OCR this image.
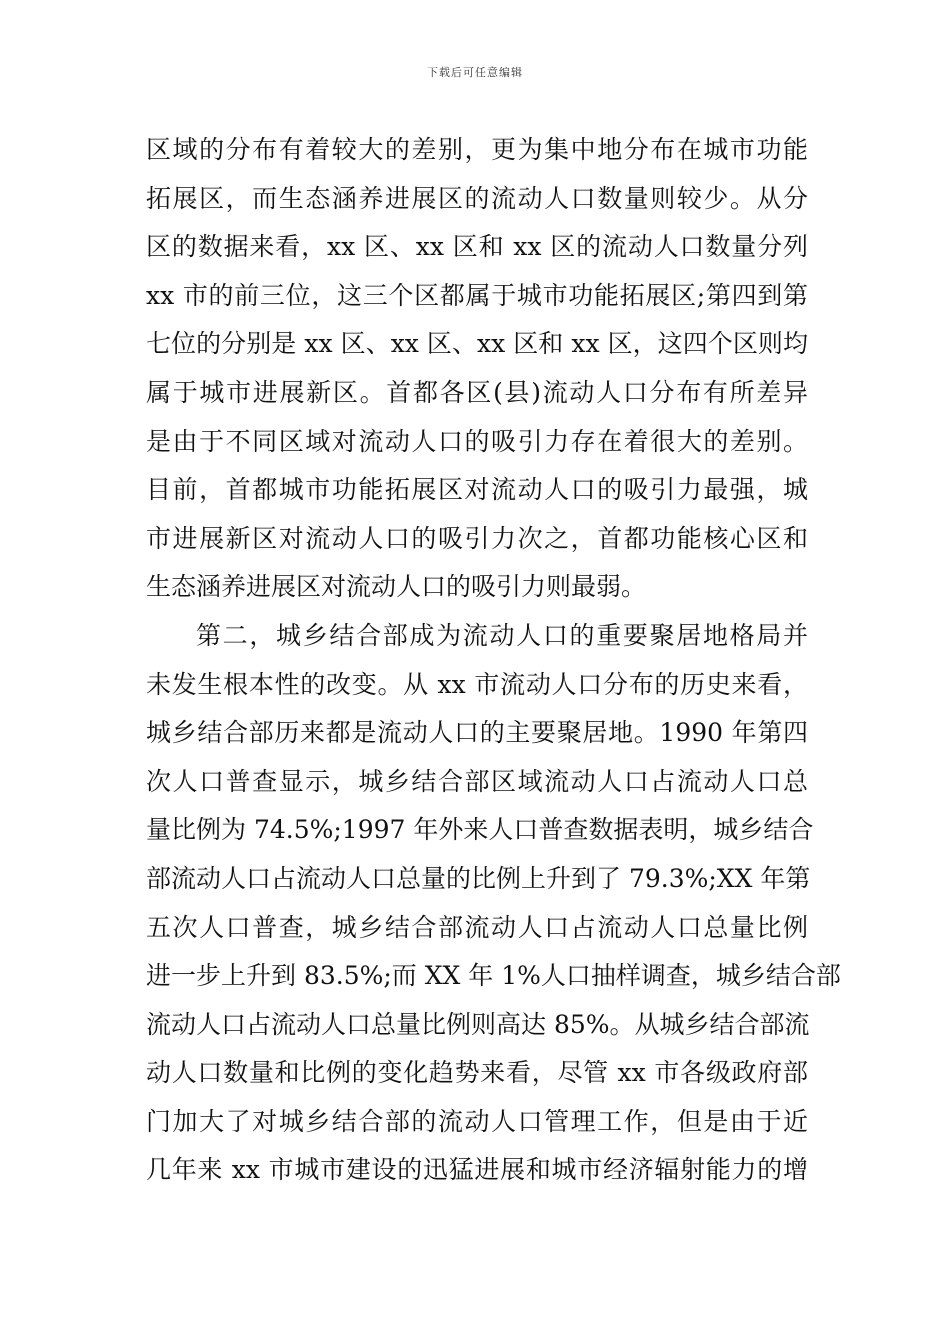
下载后可任意编辑
区域的分布有着较大的差别，更为集中地分布在城市功能
拓展区，而生态涵养进展区的流动人口数量则较少。从分
区的数据来看，xx 区、xx 区和 xx 区的流动人口数量分列
xx 市的前三位，这三个区都属于城市功能拓展区;第四到第
七位的分别是 xx 区、xx 区、xx 区和 xx 区，这四个区则均
属于城市进展新区。首都各区(县)流动人口分布有所差异
是由于不同区域对流动人口的吸引力存在着很大的差别。
目前，首都城市功能拓展区对流动人口的吸引力最强，城
市进展新区对流动人口的吸引力次之，首都功能核心区和
生态涵养进展区对流动人口的吸引力则最弱。
第二，城乡结合部成为流动人口的重要聚居地格局并
未发生根本性的改变。从 xx 市流动人口分布的历史来看，
城乡结合部历来都是流动人口的主要聚居地。1990 年第四
次人口普查显示，城乡结合部区域流动人口占流动人口总
量比例为 74.5%;1997 年外来人口普查数据表明，城乡结合
部流动人口占流动人口总量的比例上升到了 79.3%;XX 年第
五次人口普查，城乡结合部流动人口占流动人口总量比例
进一步上升到 83.5%;而 XX 年 1%人口抽样调查，城乡结合部
流动人口占流动人口总量比例则高达 85%。从城乡结合部流
动人口数量和比例的变化趋势来看，尽管 xx 市各级政府部
门加大了对城乡结合部的流动人口管理工作，但是由于近
几年来 xx 市城市建设的迅猛进展和城市经济辐射能力的增
